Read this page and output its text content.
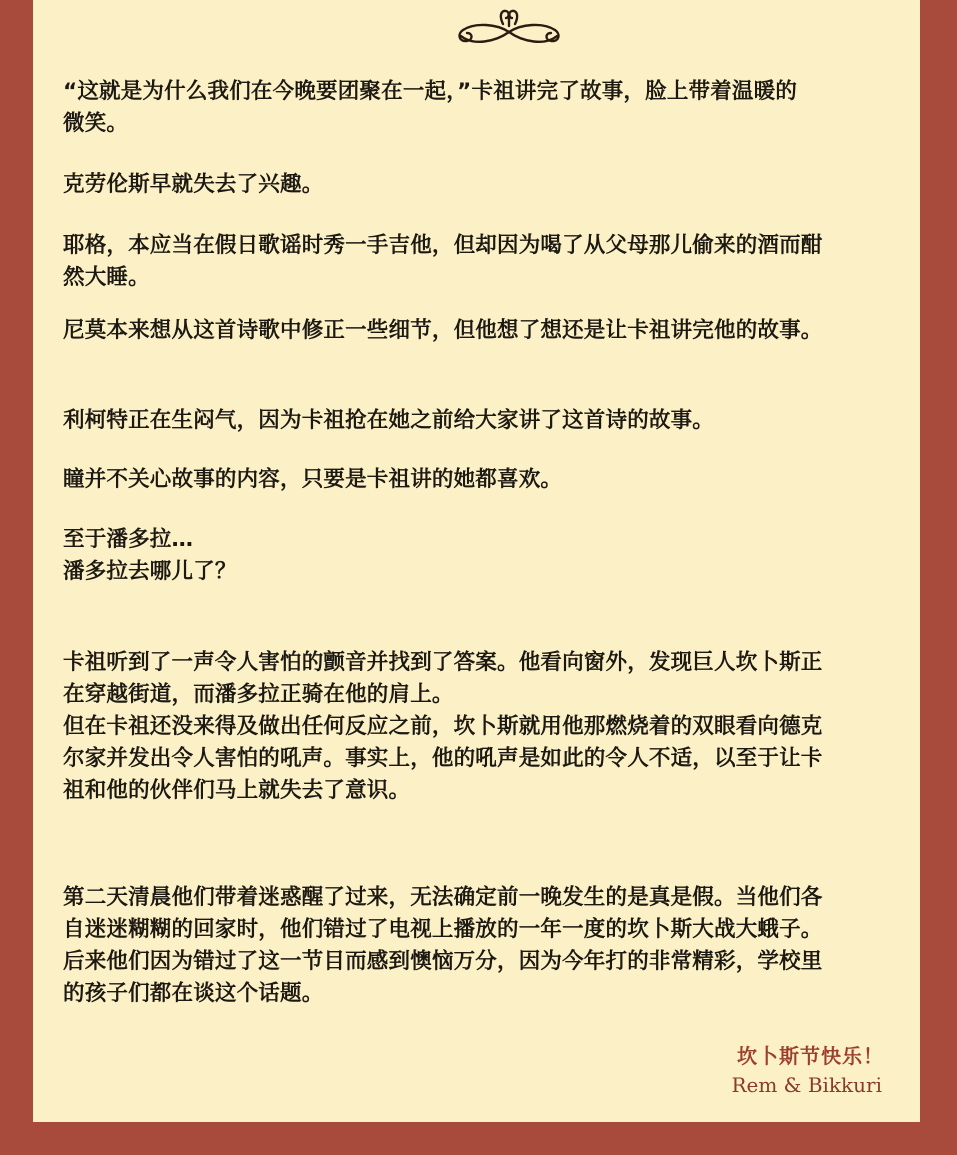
“这就是为什么我们在今晚要团聚在一起，”卡祖讲完了故事，脸上带着温暖的
微笑。

克劳伦斯早就失去了兴趣。

耶格，本应当在假日歌谣时秀一手吉他，但却因为喝了从父母那儿偷来的酒而酣
然大睡。

尼莫本来想从这首诗歌中修正一些细节，但他想了想还是让卡祖讲完他的故事。

利柯特正在生闷气，因为卡祖抢在她之前给大家讲了这首诗的故事。

瞳并不关心故事的内容，只要是卡祖讲的她都喜欢。

至于潘多拉…
潘多拉去哪儿了？

卡祖听到了一声令人害怕的颤音并找到了答案。他看向窗外，发现巨人坎卜斯正
在穿越街道，而潘多拉正骑在他的肩上。
但在卡祖还没来得及做出任何反应之前，坎卜斯就用他那燃烧着的双眼看向德克
尔家并发出令人害怕的吼声。事实上，他的吼声是如此的令人不适，以至于让卡
祖和他的伙伴们马上就失去了意识。

第二天清晨他们带着迷惑醒了过来，无法确定前一晚发生的是真是假。当他们各
自迷迷糊糊的回家时，他们错过了电视上播放的一年一度的坎卜斯大战大蛾子。
后来他们因为错过了这一节目而感到懊恼万分，因为今年打的非常精彩，学校里
的孩子们都在谈这个话题。

坎卜斯节快乐！
Rem & Bikkuri
